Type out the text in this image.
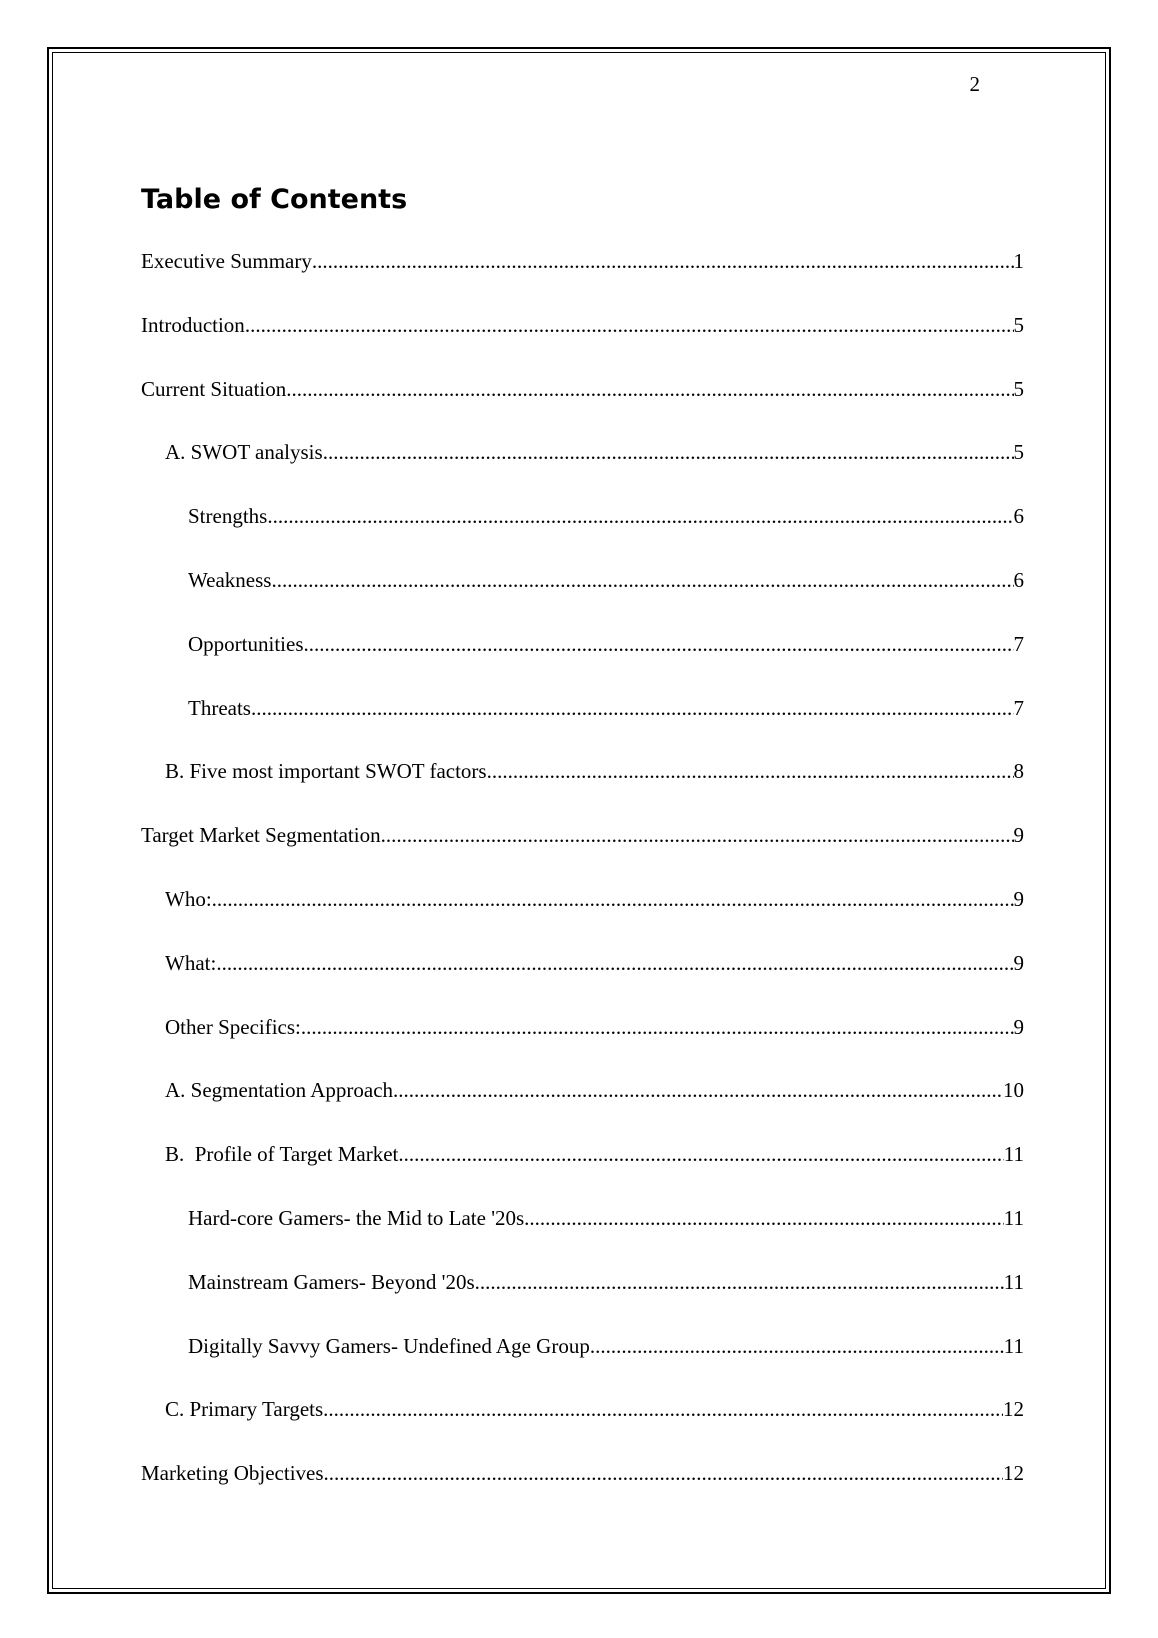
2
Table of Contents
Executive Summary .....	1
Introduction .....	5
Current Situation .....	5
A. SWOT analysis .....	5
Strengths .....	6
Weakness .....	6
Opportunities .....	7
Threats .....	7
B. Five most important SWOT factors .....	8
Target Market Segmentation .....	9
Who: .....	9
What: .....	9
Other Specifics: .....	9
A. Segmentation Approach .....	10
B.  Profile of Target Market .....	11
Hard-core Gamers- the Mid to Late '20s .....	11
Mainstream Gamers- Beyond '20s .....	11
Digitally Savvy Gamers- Undefined Age Group .....	11
C. Primary Targets .....	12
Marketing Objectives .....	12
